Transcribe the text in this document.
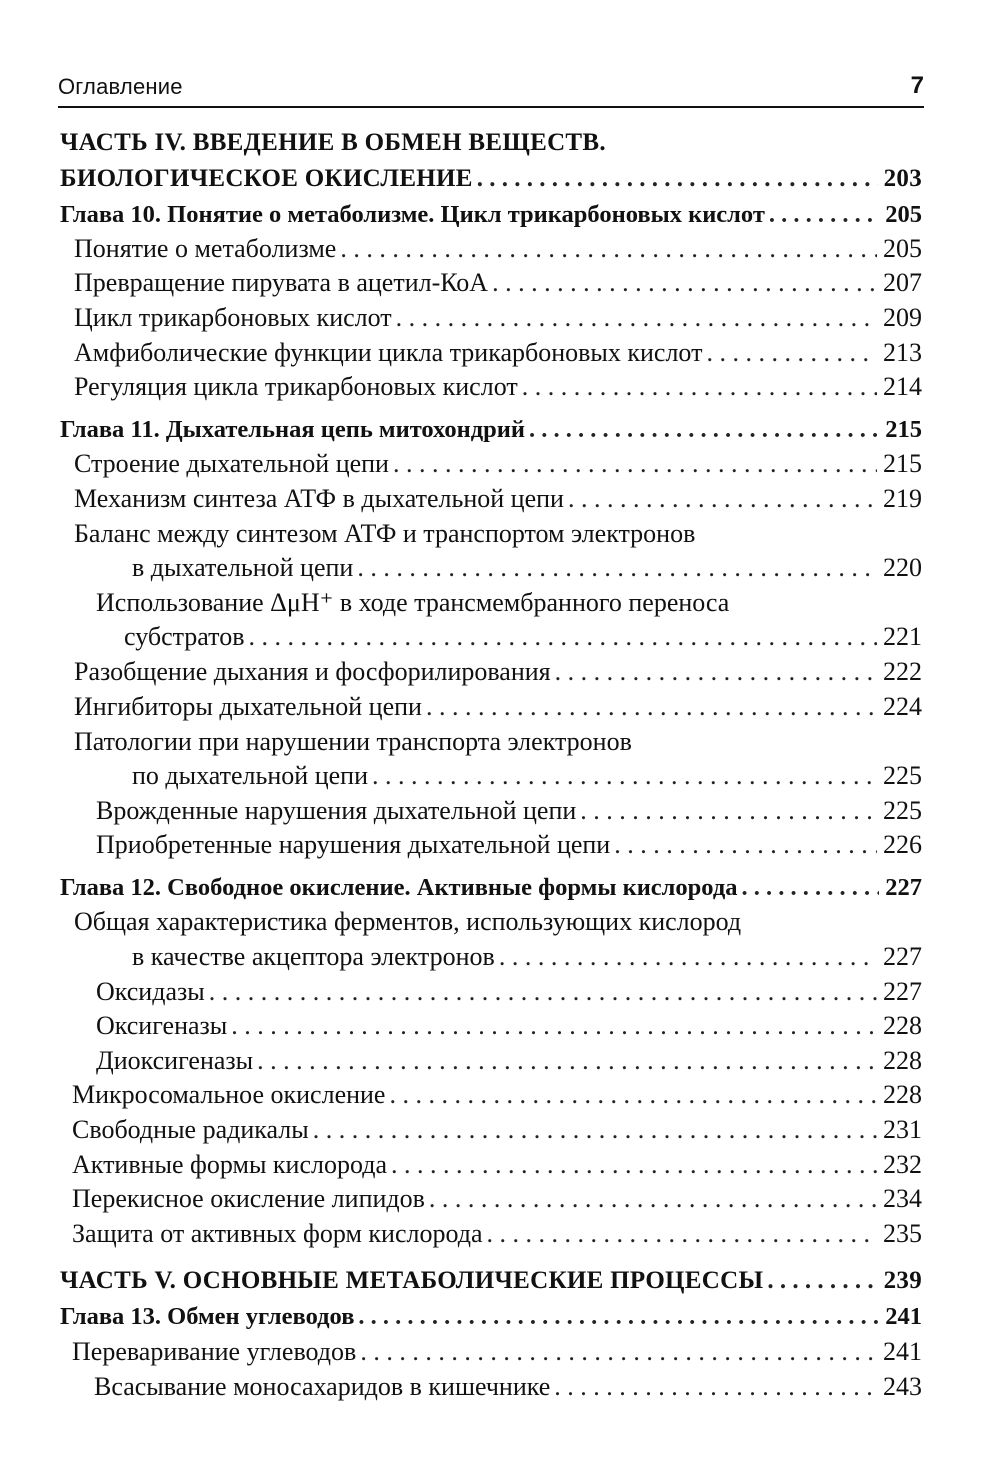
Оглавление	7
ЧАСТЬ IV. ВВЕДЕНИЕ В ОБМЕН ВЕЩЕСТВ.
БИОЛОГИЧЕСКОЕ ОКИСЛЕНИЕ . . .	203
Глава 10. Понятие о метаболизме. Цикл трикарбоновых кислот . . .	205
Понятие о метаболизме . . .	205
Превращение пирувата в ацетил-КоА . . .	207
Цикл трикарбоновых кислот . . .	209
Амфиболические функции цикла трикарбоновых кислот . . .	213
Регуляция цикла трикарбоновых кислот . . .	214
Глава 11. Дыхательная цепь митохондрий . . .	215
Строение дыхательной цепи . . .	215
Механизм синтеза АТФ в дыхательной цепи . . .	219
Баланс между синтезом АТФ и транспортом электронов
в дыхательной цепи . . .	220
Использование ΔμH⁺ в ходе трансмембранного переноса
субстратов . . .	221
Разобщение дыхания и фосфорилирования . . .	222
Ингибиторы дыхательной цепи . . .	224
Патологии при нарушении транспорта электронов
по дыхательной цепи . . .	225
Врожденные нарушения дыхательной цепи . . .	225
Приобретенные нарушения дыхательной цепи . . .	226
Глава 12. Свободное окисление. Активные формы кислорода . . .	227
Общая характеристика ферментов, использующих кислород
в качестве акцептора электронов . . .	227
Оксидазы . . .	227
Оксигеназы . . .	228
Диоксигеназы . . .	228
Микросомальное окисление . . .	228
Свободные радикалы . . .	231
Активные формы кислорода . . .	232
Перекисное окисление липидов . . .	234
Защита от активных форм кислорода . . .	235
ЧАСТЬ V. ОСНОВНЫЕ МЕТАБОЛИЧЕСКИЕ ПРОЦЕССЫ . . .	239
Глава 13. Обмен углеводов . . .	241
Переваривание углеводов . . .	241
Всасывание моносахаридов в кишечнике . . .	243
